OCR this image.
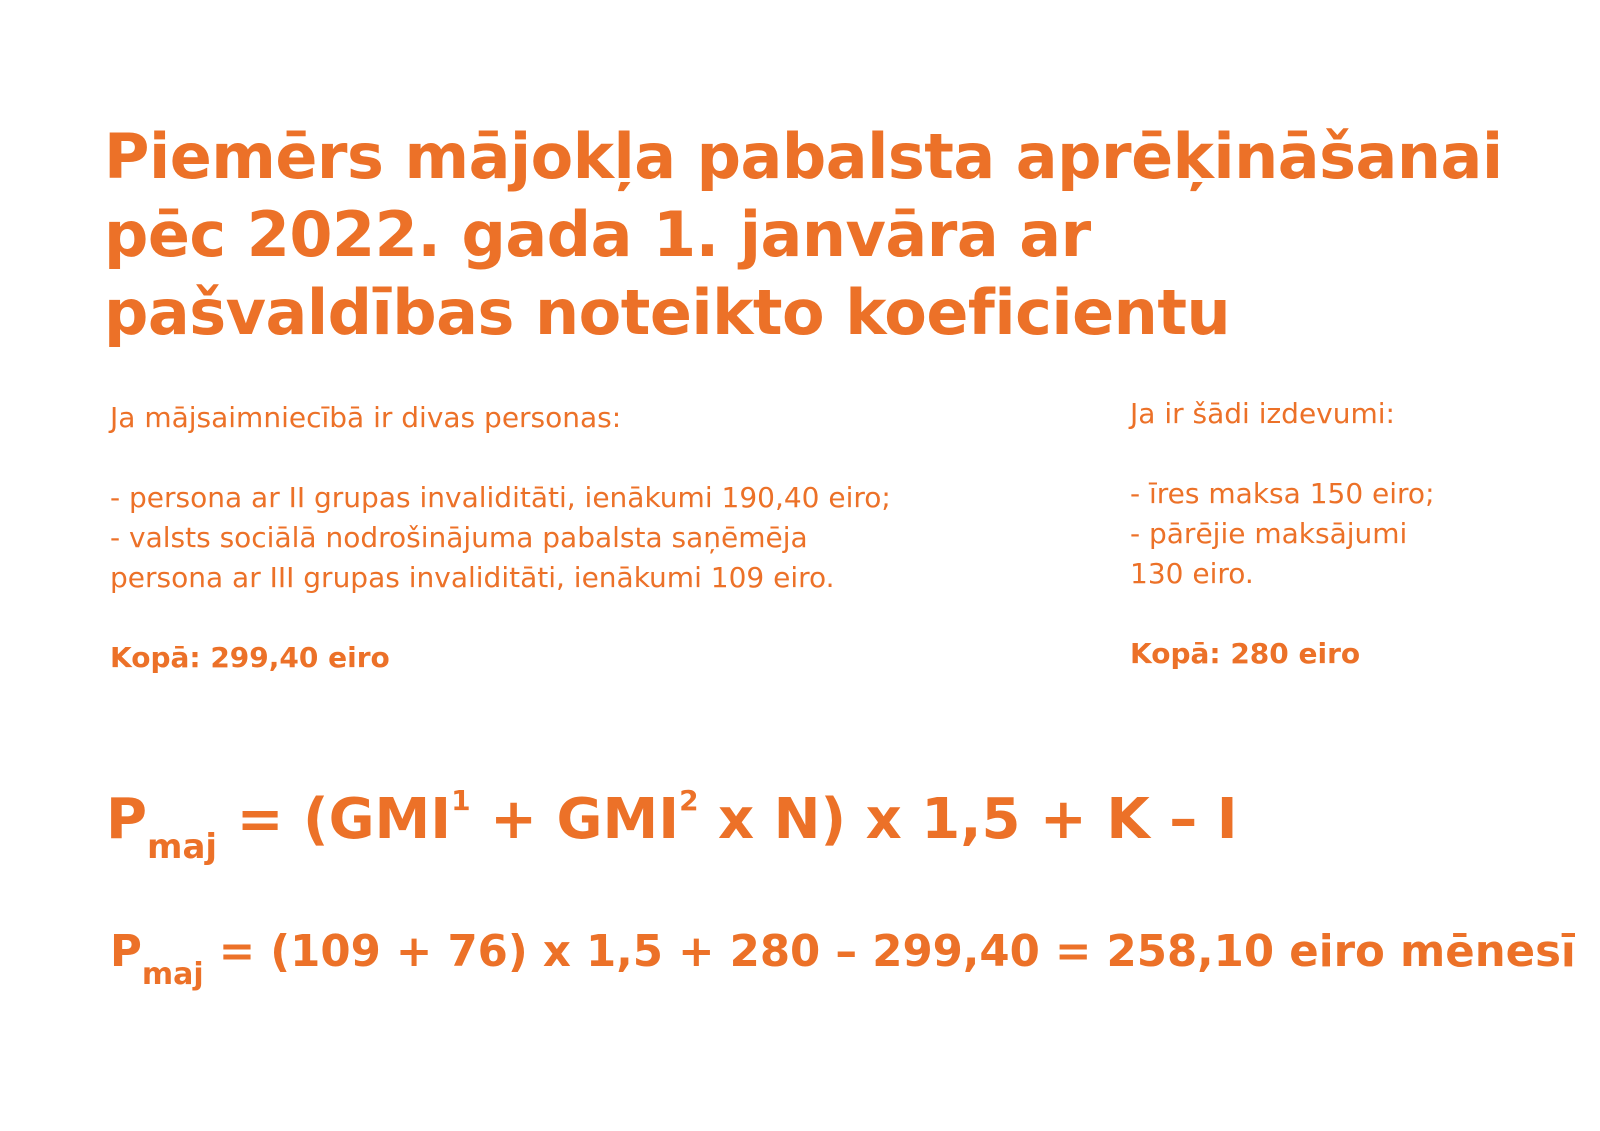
Piemērs mājokļa pabalsta aprēķināšanai
pēc 2022. gada 1. janvāra ar
pašvaldības noteikto koeficientu
Ja mājsaimniecībā ir divas personas:
- persona ar II grupas invaliditāti, ienākumi 190,40 eiro;
- valsts sociālā nodrošinājuma pabalsta saņēmēja
persona ar III grupas invaliditāti, ienākumi 109 eiro.
Kopā: 299,40 eiro
Ja ir šādi izdevumi:
- īres maksa 150 eiro;
- pārējie maksājumi
130 eiro.
Kopā: 280 eiro
$P_{maj} = (GMI^1 + GMI^2$ x N) x 1,5 + K – I
$P_{maj} = (109 + 76)$ x 1,5 + 280 – 299,40 = 258,10 eiro mēnesī
